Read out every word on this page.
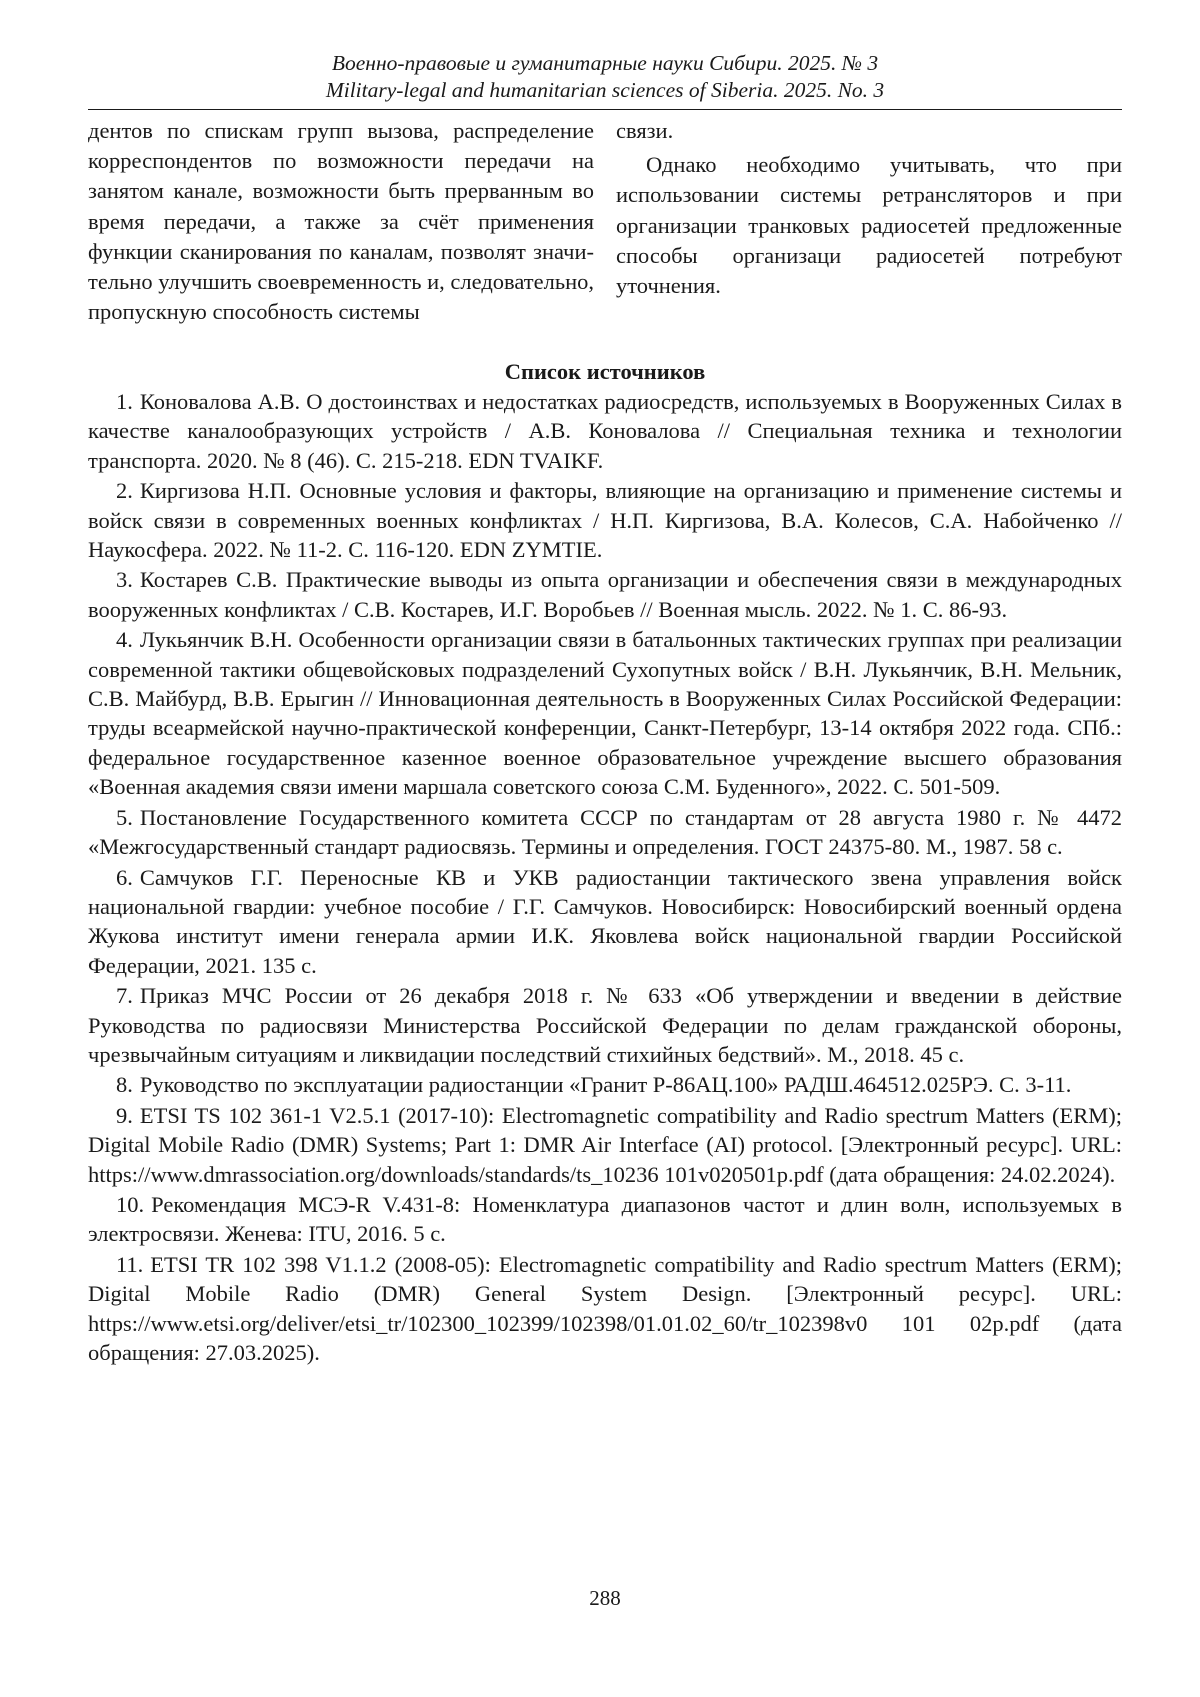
Военно-правовые и гуманитарные науки Сибири. 2025. № 3
Military-legal and humanitarian sciences of Siberia. 2025. No. 3

дентов по спискам групп вызова, распределение корреспондентов по возможности передачи на занятом канале, возможности быть прерванным во время передачи, а также за счёт применения функции сканирования по каналам, позволят значительно улучшить своевременность и, следовательно, пропускную способность системы

связи.

Однако необходимо учитывать, что при использовании системы ретрансляторов и при организации транковых радиосетей предложенные способы организаци радиосетей потребуют уточнения.

Список источников

1. Коновалова А.В. О достоинствах и недостатках радиосредств, используемых в Вооруженных Силах в качестве каналообразующих устройств / А.В. Коновалова // Специальная техника и технологии транспорта. 2020. № 8 (46). С. 215-218. EDN TVAIKF.

2. Киргизова Н.П. Основные условия и факторы, влияющие на организацию и применение системы и войск связи в современных военных конфликтах / Н.П. Киргизова, В.А. Колесов, С.А. Набойченко // Наукосфера. 2022. № 11-2. С. 116-120. EDN ZYMTIE.

3. Костарев С.В. Практические выводы из опыта организации и обеспечения связи в международных вооруженных конфликтах / С.В. Костарев, И.Г. Воробьев // Военная мысль. 2022. № 1. С. 86-93.

4. Лукьянчик В.Н. Особенности организации связи в батальонных тактических группах при реализации современной тактики общевойсковых подразделений Сухопутных войск / В.Н. Лукьянчик, В.Н. Мельник, С.В. Майбурд, В.В. Ерыгин // Инновационная деятельность в Вооруженных Силах Российской Федерации: труды всеармейской научно-практической конференции, Санкт-Петербург, 13-14 октября 2022 года. СПб.: федеральное государственное казенное военное образовательное учреждение высшего образования «Военная академия связи имени маршала советского союза С.М. Буденного», 2022. С. 501-509.

5. Постановление Государственного комитета СССР по стандартам от 28 августа 1980 г. № 4472 «Межгосударственный стандарт радиосвязь. Термины и определения. ГОСТ 24375-80. М., 1987. 58 с.

6. Самчуков Г.Г. Переносные КВ и УКВ радиостанции тактического звена управления войск национальной гвардии: учебное пособие / Г.Г. Самчуков. Новосибирск: Новосибирский военный ордена Жукова институт имени генерала армии И.К. Яковлева войск национальной гвардии Российской Федерации, 2021. 135 с.

7. Приказ МЧС России от 26 декабря 2018 г. № 633 «Об утверждении и введении в действие Руководства по радиосвязи Министерства Российской Федерации по делам гражданской обороны, чрезвычайным ситуациям и ликвидации последствий стихийных бедствий». М., 2018. 45 с.

8. Руководство по эксплуатации радиостанции «Гранит Р-86АЦ.100» РАДШ.464512.025РЭ. С. 3-11.

9. ETSI TS 102 361-1 V2.5.1 (2017-10): Electromagnetic compatibility and Radio spectrum Matters (ERM); Digital Mobile Radio (DMR) Systems; Part 1: DMR Air Interface (AI) protocol. [Электронный ресурс]. URL: https://www.dmrassociation.org/downloads/standards/ts_10236 101v020501p.pdf (дата обращения: 24.02.2024).

10. Рекомендация МСЭ-R V.431-8: Номенклатура диапазонов частот и длин волн, используемых в электросвязи. Женева: ITU, 2016. 5 с.

11. ETSI TR 102 398 V1.1.2 (2008-05): Electromagnetic compatibility and Radio spectrum Matters (ERM); Digital Mobile Radio (DMR) General System Design. [Электронный ресурс]. URL: https://www.etsi.org/deliver/etsi_tr/102300_102399/102398/01.01.02_60/tr_102398v0 101 02p.pdf (дата обращения: 27.03.2025).

288
